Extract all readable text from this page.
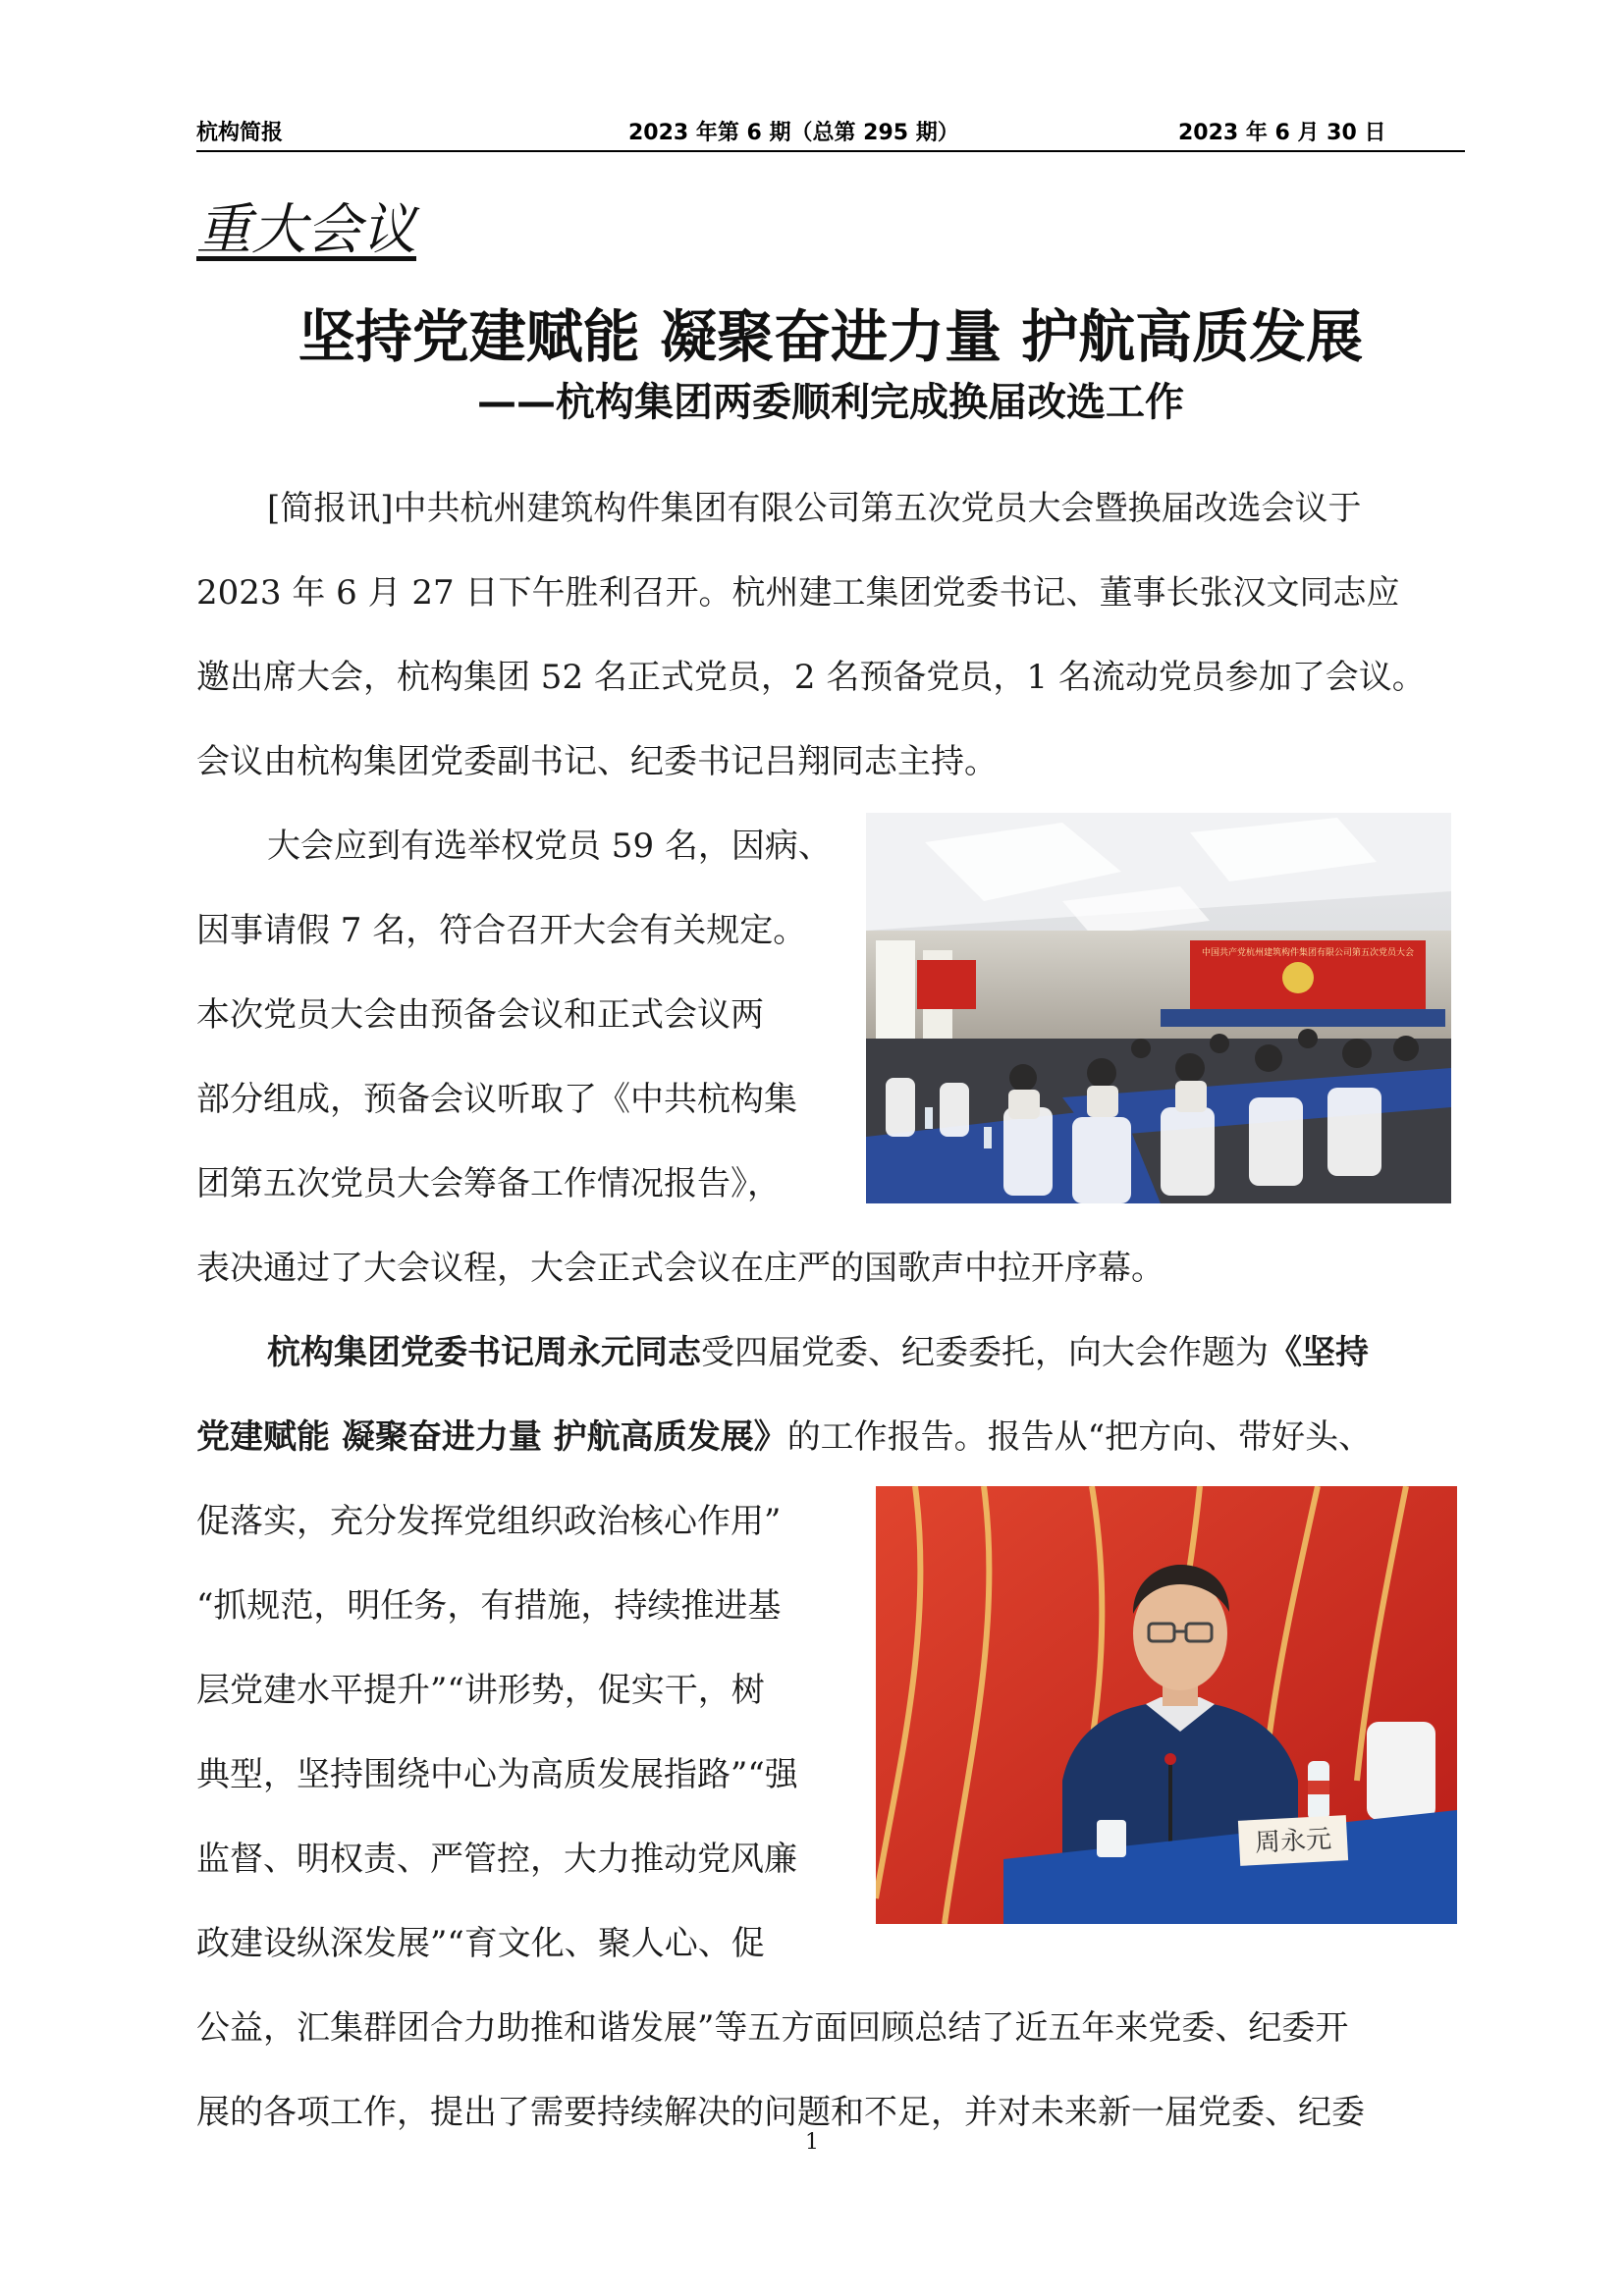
杭构简报	2023 年第 6 期（总第 295 期）	2023 年 6 月 30 日
重大会议
坚持党建赋能 凝聚奋进力量 护航高质发展
——杭构集团两委顺利完成换届改选工作
[简报讯]中共杭州建筑构件集团有限公司第五次党员大会暨换届改选会议于
2023 年 6 月 27 日下午胜利召开。杭州建工集团党委书记、董事长张汉文同志应
邀出席大会，杭构集团 52 名正式党员，2 名预备党员，1 名流动党员参加了会议。
会议由杭构集团党委副书记、纪委书记吕翔同志主持。
大会应到有选举权党员 59 名，因病、
因事请假 7 名，符合召开大会有关规定。
本次党员大会由预备会议和正式会议两
部分组成，预备会议听取了《中共杭构集
团第五次党员大会筹备工作情况报告》，
表决通过了大会议程，大会正式会议在庄严的国歌声中拉开序幕。
中国共产党杭州建筑构件集团有限公司第五次党员大会
杭构集团党委书记周永元同志受四届党委、纪委委托，向大会作题为《坚持
党建赋能 凝聚奋进力量 护航高质发展》的工作报告。报告从“把方向、带好头、
促落实，充分发挥党组织政治核心作用”
“抓规范，明任务，有措施，持续推进基
层党建水平提升”“讲形势，促实干，树
典型，坚持围绕中心为高质发展指路”“强
监督、明权责、严管控，大力推动党风廉
政建设纵深发展”“育文化、聚人心、促
公益，汇集群团合力助推和谐发展”等五方面回顾总结了近五年来党委、纪委开
展的各项工作，提出了需要持续解决的问题和不足，并对未来新一届党委、纪委
周永元
1
